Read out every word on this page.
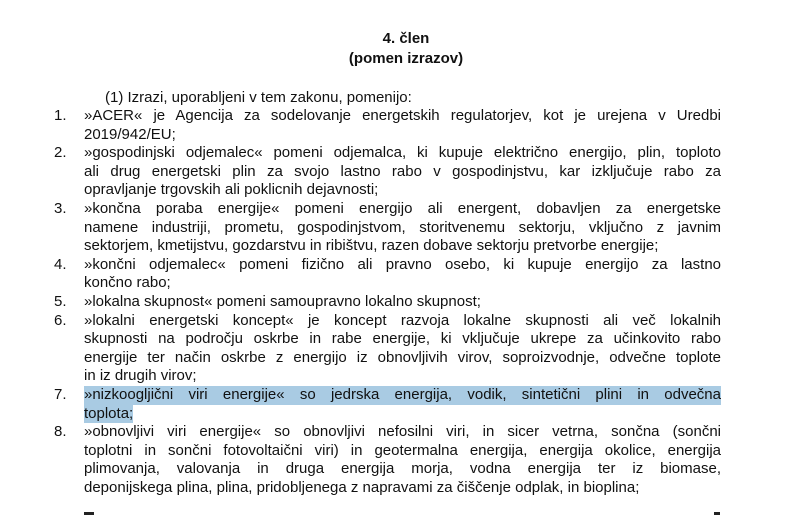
4. člen
(pomen izrazov)
(1) Izrazi, uporabljeni v tem zakonu, pomenijo:
1. »ACER« je Agencija za sodelovanje energetskih regulatorjev, kot je urejena v Uredbi
2019/942/EU;
2. »gospodinjski odjemalec« pomeni odjemalca, ki kupuje električno energijo, plin, toploto
ali drug energetski plin za svojo lastno rabo v gospodinjstvu, kar izključuje rabo za
opravljanje trgovskih ali poklicnih dejavnosti;
3. »končna poraba energije« pomeni energijo ali energent, dobavljen za energetske
namene industriji, prometu, gospodinjstvom, storitvenemu sektorju, vključno z javnim
sektorjem, kmetijstvu, gozdarstvu in ribištvu, razen dobave sektorju pretvorbe energije;
4. »končni odjemalec« pomeni fizično ali pravno osebo, ki kupuje energijo za lastno
končno rabo;
5. »lokalna skupnost« pomeni samoupravno lokalno skupnost;
6. »lokalni energetski koncept« je koncept razvoja lokalne skupnosti ali več lokalnih
skupnosti na področju oskrbe in rabe energije, ki vključuje ukrepe za učinkovito rabo
energije ter način oskrbe z energijo iz obnovljivih virov, soproizvodnje, odvečne toplote
in iz drugih virov;
7. »nizkoogljični viri energije« so jedrska energija, vodik, sintetični plini in odvečnatoplota;
8. »obnovljivi viri energije« so obnovljivi nefosilni viri, in sicer vetrna, sončna (sončni
toplotni in sončni fotovoltaični viri) in geotermalna energija, energija okolice, energija
plimovanja, valovanja in druga energija morja, vodna energija ter iz biomase,
deponijskega plina, plina, pridobljenega z napravami za čiščenje odplak, in bioplina;
